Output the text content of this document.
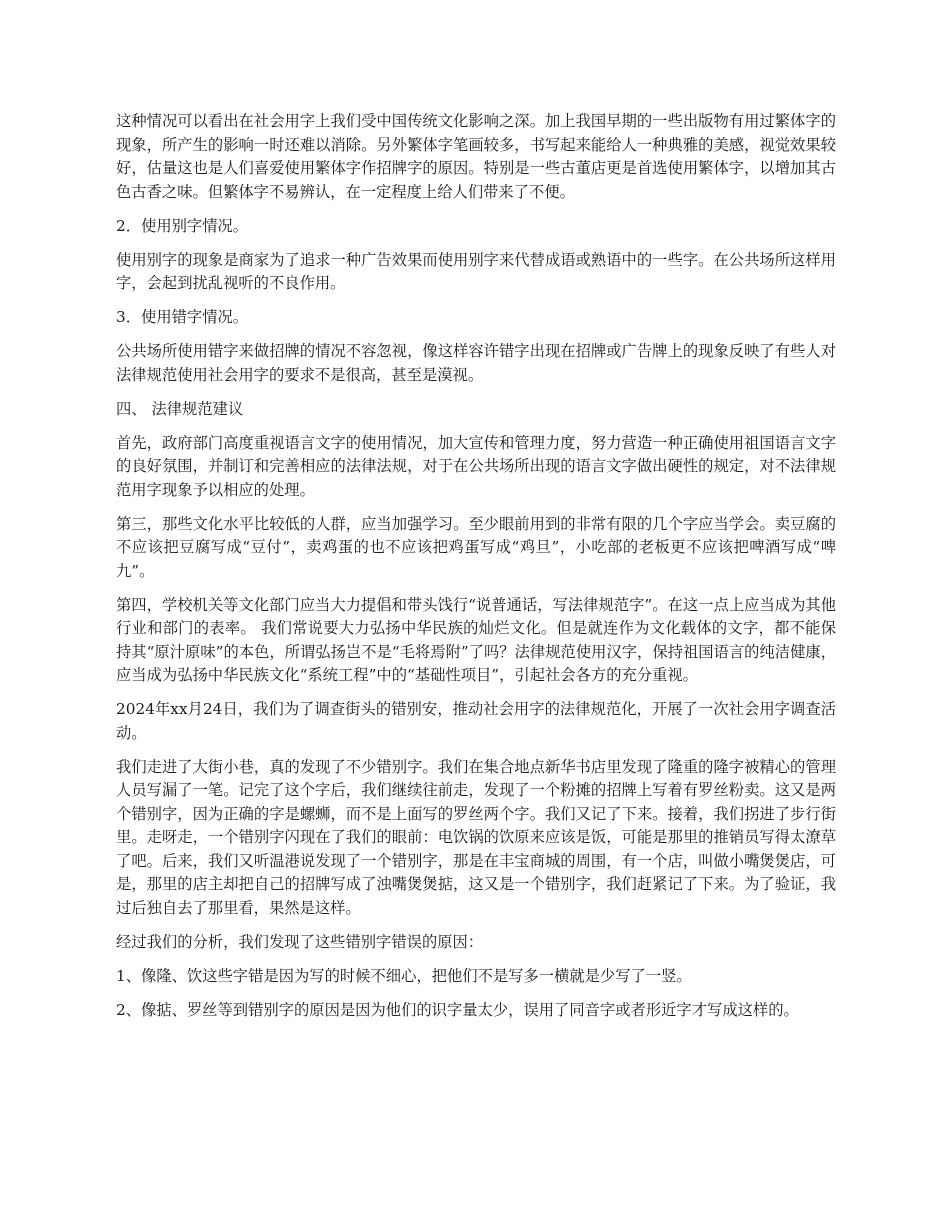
这种情况可以看出在社会用字上我们受中国传统文化影响之深。加上我国早期的一些出版物有用过繁体字的现象，所产生的影响一时还难以消除。另外繁体字笔画较多，书写起来能给人一种典雅的美感，视觉效果较好，估量这也是人们喜爱使用繁体字作招牌字的原因。特别是一些古董店更是首选使用繁体字，以增加其古色古香之味。但繁体字不易辨认，在一定程度上给人们带来了不便。

2．使用别字情况。

使用别字的现象是商家为了追求一种广告效果而使用别字来代替成语或熟语中的一些字。在公共场所这样用字，会起到扰乱视听的不良作用。

3．使用错字情况。

公共场所使用错字来做招牌的情况不容忽视，像这样容许错字出现在招牌或广告牌上的现象反映了有些人对法律规范使用社会用字的要求不是很高，甚至是漠视。

四、 法律规范建议

首先，政府部门高度重视语言文字的使用情况，加大宣传和管理力度，努力营造一种正确使用祖国语言文字的良好氛围，并制订和完善相应的法律法规，对于在公共场所出现的语言文字做出硬性的规定，对不法律规范用字现象予以相应的处理。

第三，那些文化水平比较低的人群，应当加强学习。至少眼前用到的非常有限的几个字应当学会。卖豆腐的不应该把豆腐写成“豆付”，卖鸡蛋的也不应该把鸡蛋写成“鸡旦”，小吃部的老板更不应该把啤酒写成“啤九”。

第四，学校机关等文化部门应当大力提倡和带头饯行“说普通话，写法律规范字”。在这一点上应当成为其他行业和部门的表率。 我们常说要大力弘扬中华民族的灿烂文化。但是就连作为文化载体的文字，都不能保持其“原汁原味”的本色，所谓弘扬岂不是“毛将焉附”了吗？法律规范使用汉字，保持祖国语言的纯洁健康，应当成为弘扬中华民族文化“系统工程”中的“基础性项目”，引起社会各方的充分重视。

2024年xx月24日，我们为了调查街头的错别安，推动社会用字的法律规范化，开展了一次社会用字调查活动。

我们走进了大街小巷，真的发现了不少错别字。我们在集合地点新华书店里发现了隆重的隆字被精心的管理人员写漏了一笔。记完了这个字后，我们继续往前走，发现了一个粉摊的招牌上写着有罗丝粉卖。这又是两个错别字，因为正确的字是螺蛳，而不是上面写的罗丝两个字。我们又记了下来。接着，我们拐进了步行街里。走呀走，一个错别字闪现在了我们的眼前：电饮锅的饮原来应该是饭，可能是那里的推销员写得太潦草了吧。后来，我们又听温港说发现了一个错别字，那是在丰宝商城的周围，有一个店，叫做小嘴煲煲店，可是，那里的店主却把自己的招牌写成了浊嘴煲煲掂，这又是一个错别字，我们赶紧记了下来。为了验证，我过后独自去了那里看，果然是这样。

经过我们的分析，我们发现了这些错别字错误的原因：

1、像隆、饮这些字错是因为写的时候不细心，把他们不是写多一横就是少写了一竖。

2、像掂、罗丝等到错别字的原因是因为他们的识字量太少，误用了同音字或者形近字才写成这样的。
